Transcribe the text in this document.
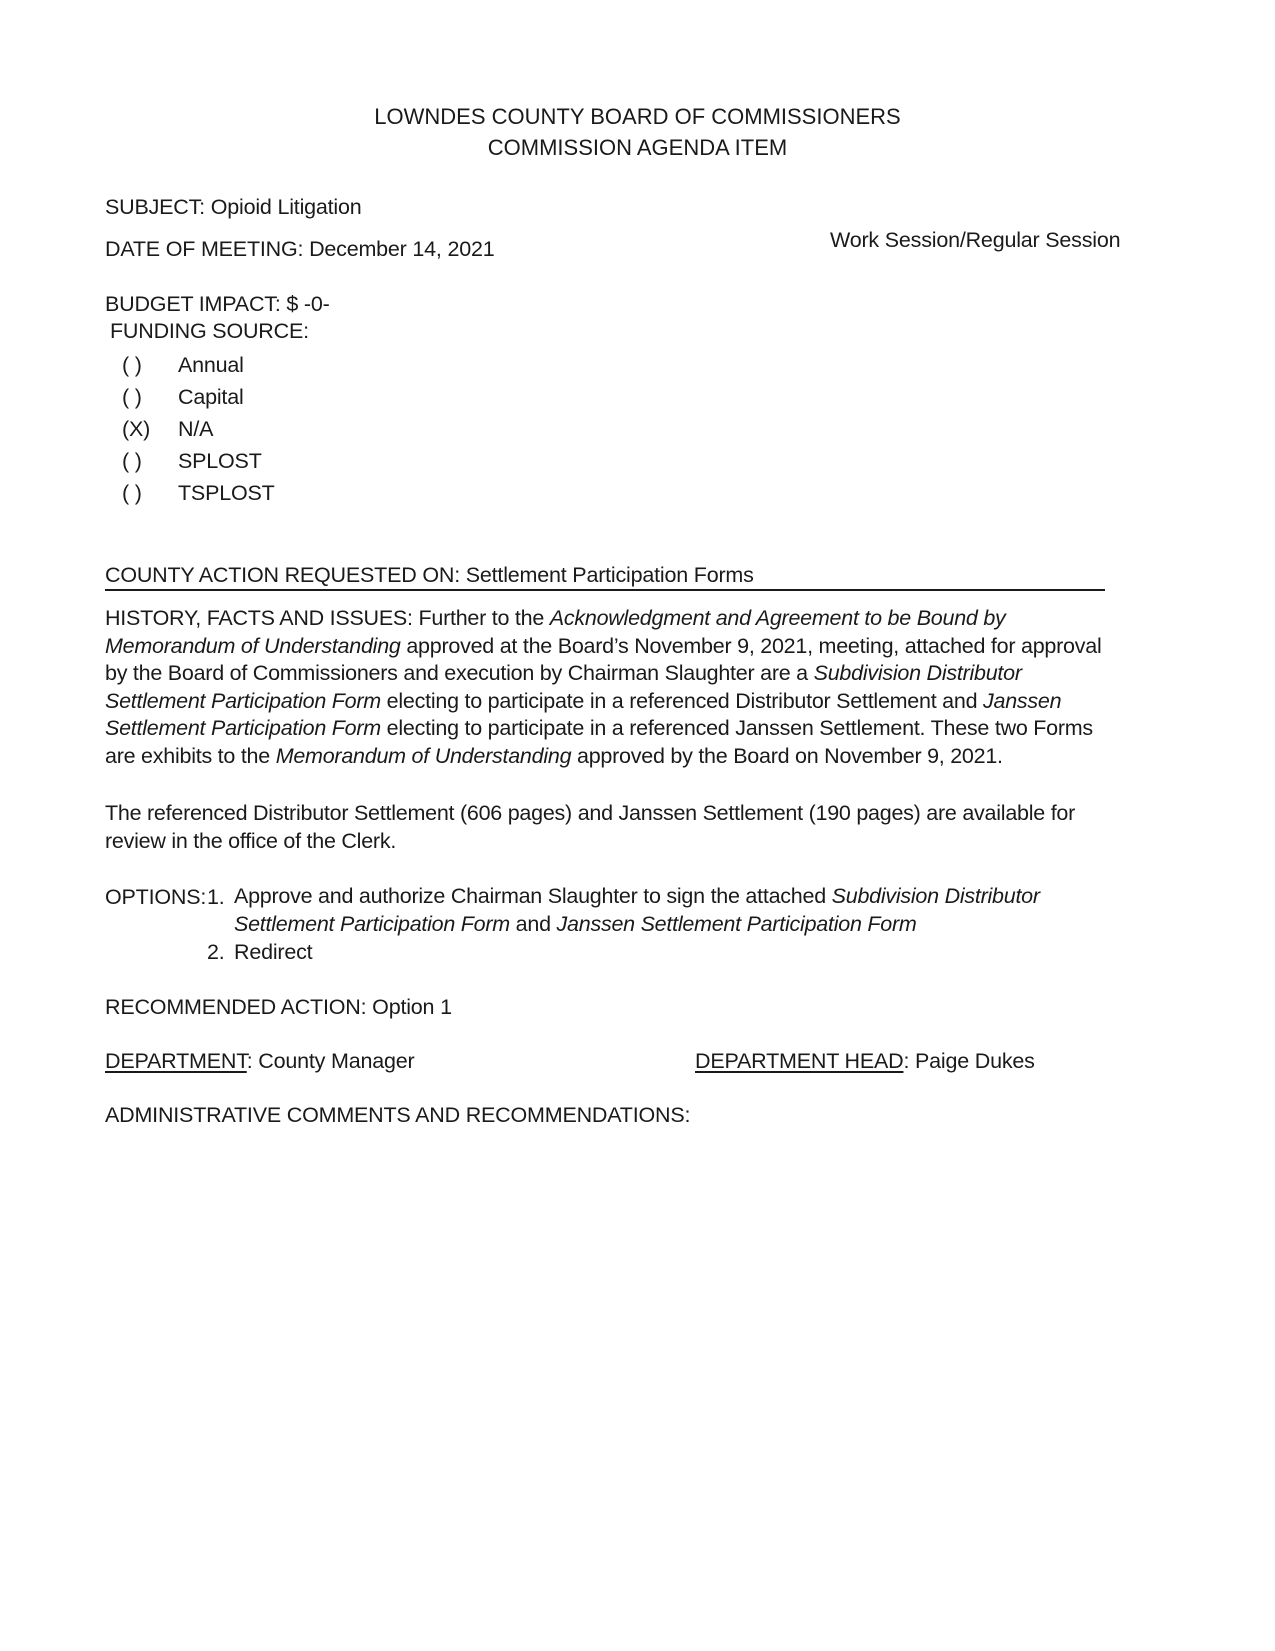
LOWNDES COUNTY BOARD OF COMMISSIONERS
COMMISSION AGENDA ITEM
SUBJECT: Opioid Litigation
DATE OF MEETING: December 14, 2021	Work Session/Regular Session
BUDGET IMPACT: $ -0-
FUNDING SOURCE:
( ) Annual
( ) Capital
(X) N/A
( ) SPLOST
( ) TSPLOST
COUNTY ACTION REQUESTED ON: Settlement Participation Forms
HISTORY, FACTS AND ISSUES: Further to the Acknowledgment and Agreement to be Bound by Memorandum of Understanding approved at the Board’s November 9, 2021, meeting, attached for approval by the Board of Commissioners and execution by Chairman Slaughter are a Subdivision Distributor Settlement Participation Form electing to participate in a referenced Distributor Settlement and Janssen Settlement Participation Form electing to participate in a referenced Janssen Settlement. These two Forms are exhibits to the Memorandum of Understanding approved by the Board on November 9, 2021.
The referenced Distributor Settlement (606 pages) and Janssen Settlement (190 pages) are available for review in the office of the Clerk.
OPTIONS: 1. Approve and authorize Chairman Slaughter to sign the attached Subdivision Distributor Settlement Participation Form and Janssen Settlement Participation Form
2. Redirect
RECOMMENDED ACTION: Option 1
DEPARTMENT: County Manager	DEPARTMENT HEAD: Paige Dukes
ADMINISTRATIVE COMMENTS AND RECOMMENDATIONS:
